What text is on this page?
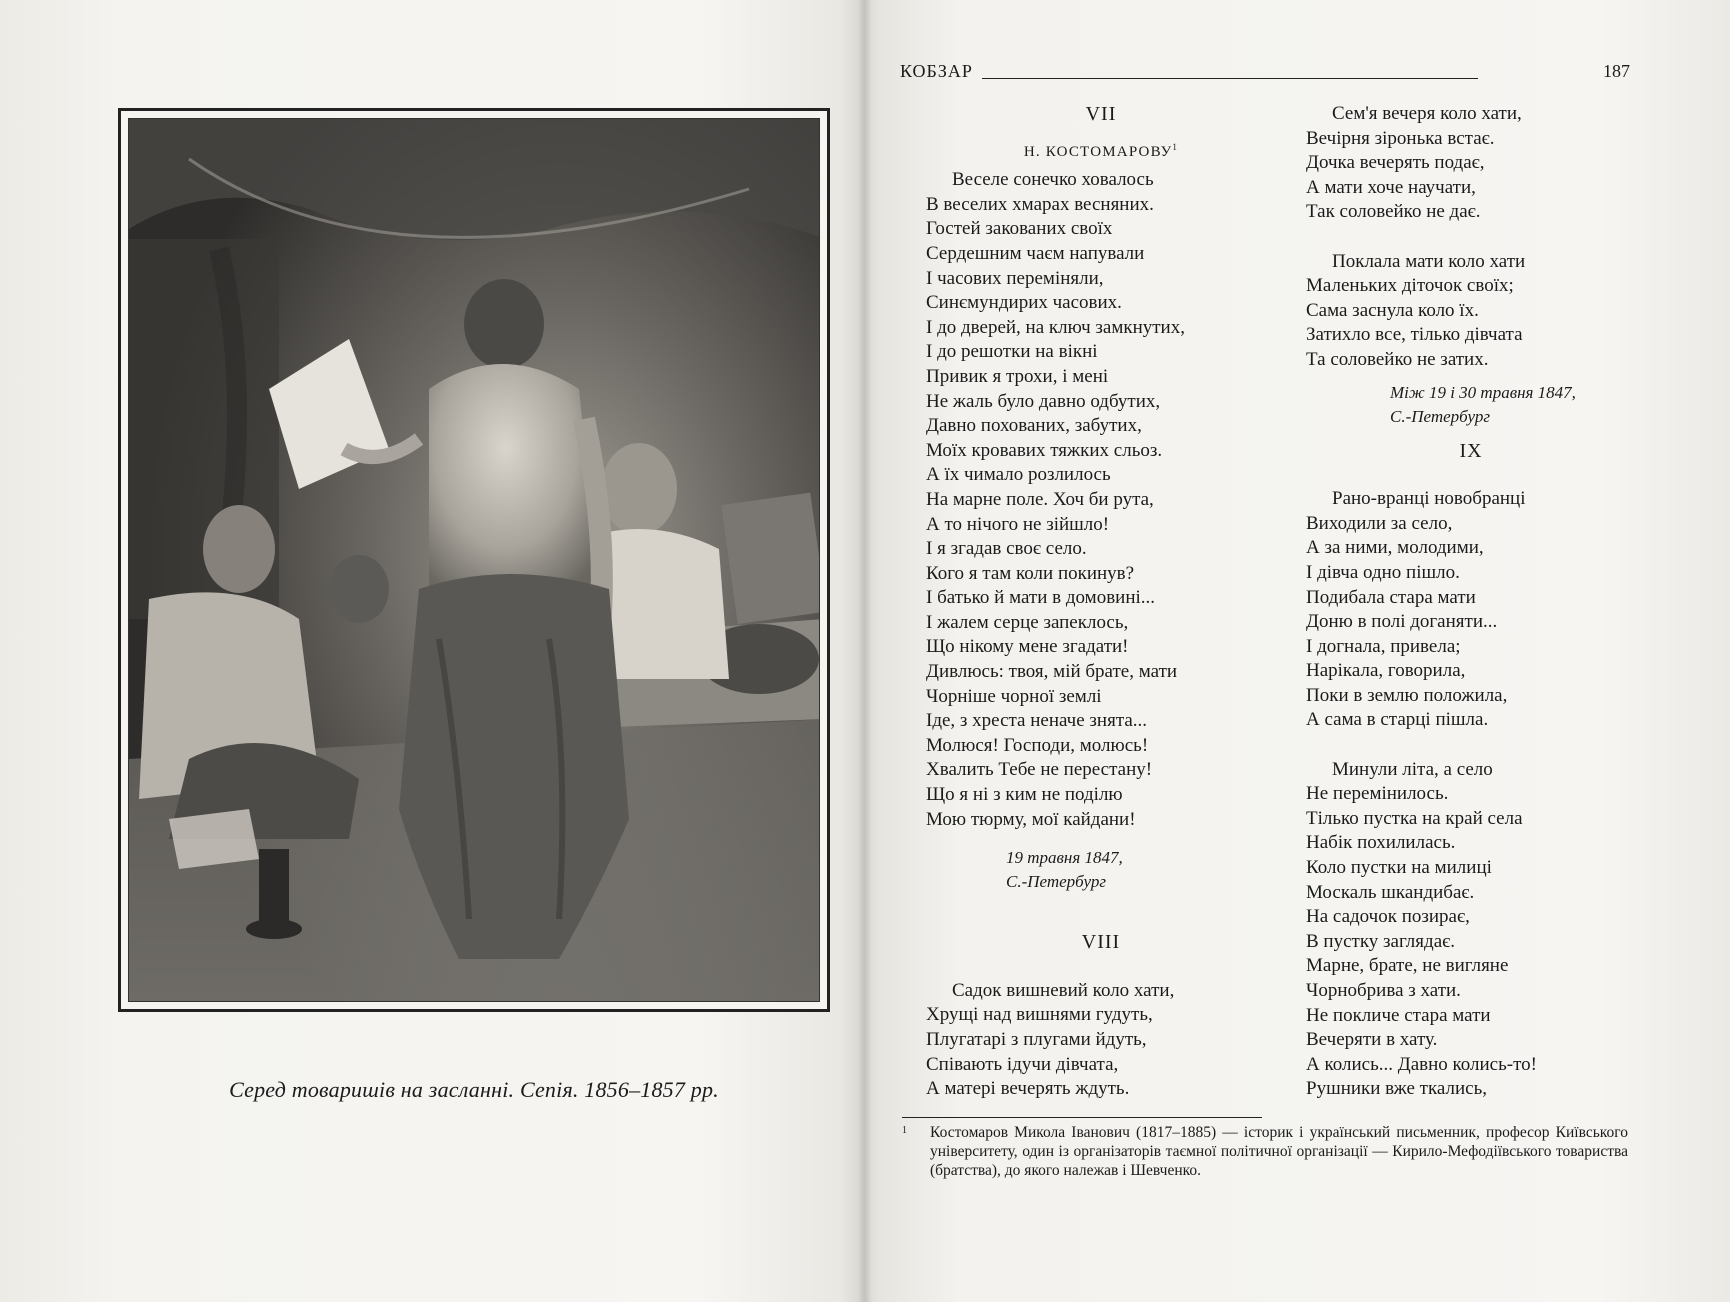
Серед товаришів на засланні. Сепія. 1856–1857 рр.
КОБЗАР	187
VII
Н. КОСТОМАРОВУ$^1$
Веселе сонечко ховалось
В веселих хмарах весняних.
Гостей закованих своїх
Сердешним чаєм напували
І часових переміняли,
Синємундирих часових.
І до дверей, на ключ замкнутих,
І до решотки на вікні
Привик я трохи, і мені
Не жаль було давно одбутих,
Давно похованих, забутих,
Моїх кровавих тяжких сльоз.
А їх чимало розлилось
На марне поле. Хоч би рута,
А то нічого не зійшло!
І я згадав своє село.
Кого я там коли покинув?
І батько й мати в домовині...
І жалем серце запеклось,
Що нікому мене згадати!
Дивлюсь: твоя, мій брате, мати
Чорніше чорної землі
Іде, з хреста неначе знята...
Молюся! Господи, молюсь!
Хвалить Тебе не перестану!
Що я ні з ким не поділю
Мою тюрму, мої кайдани!
19 травня 1847,
С.-Петербург
VIII
Садок вишневий коло хати,
Хрущі над вишнями гудуть,
Плугатарі з плугами йдуть,
Співають ідучи дівчата,
А матері вечерять ждуть.
Сем'я вечеря коло хати,
Вечірня зіронька встає.
Дочка вечерять подає,
А мати хоче научати,
Так соловейко не дає.
Поклала мати коло хати
Маленьких діточок своїх;
Сама заснула коло їх.
Затихло все, тілько дівчата
Та соловейко не затих.
Між 19 і 30 травня 1847,
С.-Петербург
IX
Рано-вранці новобранці
Виходили за село,
А за ними, молодими,
І дівча одно пішло.
Подибала стара мати
Доню в полі доганяти...
І догнала, привела;
Нарікала, говорила,
Поки в землю положила,
А сама в старці пішла.
Минули літа, а село
Не перемінилось.
Тілько пустка на край села
Набік похилилась.
Коло пустки на милиці
Москаль шкандибає.
На садочок позирає,
В пустку заглядає.
Марне, брате, не вигляне
Чорнобрива з хати.
Не покличе стара мати
Вечеряти в хату.
А колись... Давно колись-то!
Рушники вже ткались,
1	Костомаров Микола Іванович (1817–1885) — історик і український письменник, професор Київського університету, один із організаторів таємної політичної організації — Кирило-Мефодіївського товариства (братства), до якого належав і Шевченко.
